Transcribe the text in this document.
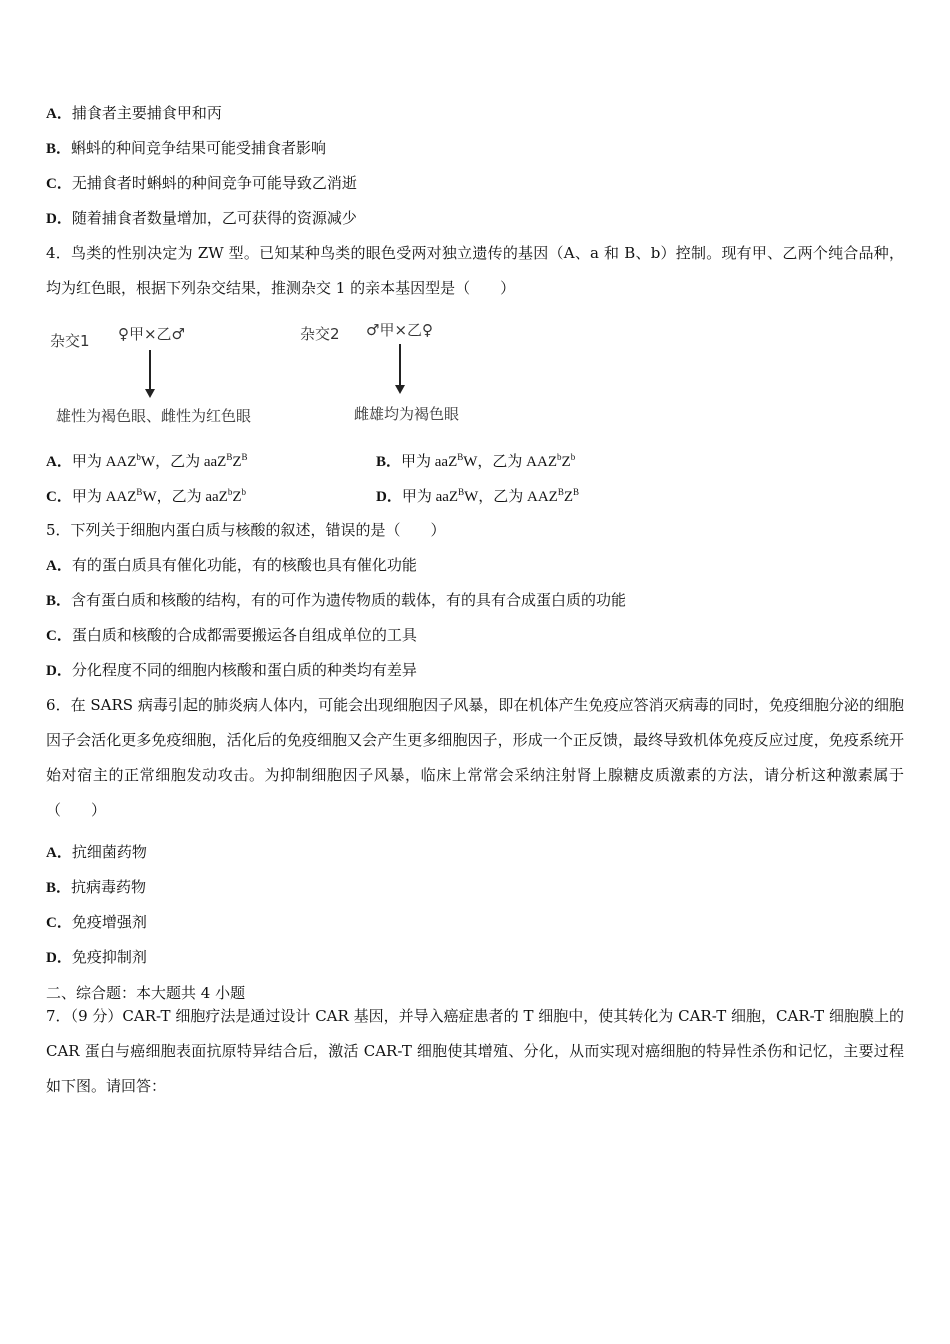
A．捕食者主要捕食甲和丙
B．蝌蚪的种间竞争结果可能受捕食者影响
C．无捕食者时蝌蚪的种间竞争可能导致乙消逝
D．随着捕食者数量增加，乙可获得的资源减少
4．鸟类的性别决定为 ZW 型。已知某种鸟类的眼色受两对独立遗传的基因（A、a 和 B、b）控制。现有甲、乙两个纯合品种，均为红色眼，根据下列杂交结果，推测杂交 1 的亲本基因型是（　　）
杂交1 ♀甲×乙♂
雄性为褐色眼、雌性为红色眼
杂交2 ♂甲×乙♀
雌雄均为褐色眼
A．甲为 AAZ$^b$W，乙为 $aaZ^BZ^B$	B．甲为 aaZ$^B$W，乙为 $AAZ^bZ^b$
C．甲为 $AAZ^BW$，乙为 $aaZ^bZ^b$	D．甲为 aaZ$^B$W，乙为 $AAZ^BZ^B$
5．下列关于细胞内蛋白质与核酸的叙述，错误的是（　　）
A．有的蛋白质具有催化功能，有的核酸也具有催化功能
B．含有蛋白质和核酸的结构，有的可作为遗传物质的载体，有的具有合成蛋白质的功能
C．蛋白质和核酸的合成都需要搬运各自组成单位的工具
D．分化程度不同的细胞内核酸和蛋白质的种类均有差异
6．在 SARS 病毒引起的肺炎病人体内，可能会出现细胞因子风暴，即在机体产生免疫应答消灭病毒的同时，免疫细胞分泌的细胞因子会活化更多免疫细胞，活化后的免疫细胞又会产生更多细胞因子，形成一个正反馈，最终导致机体免疫反应过度，免疫系统开始对宿主的正常细胞发动攻击。为抑制细胞因子风暴，临床上常常会采纳注射肾上腺糖皮质激素的方法，请分析这种激素属于（　　）
A．抗细菌药物
B．抗病毒药物
C．免疫增强剂
D．免疫抑制剂
二、综合题：本大题共 4 小题
7．（9 分）CAR-T 细胞疗法是通过设计 CAR 基因，并导入癌症患者的 T 细胞中，使其转化为 CAR-T 细胞，CAR-T 细胞膜上的 CAR 蛋白与癌细胞表面抗原特异结合后，激活 CAR-T 细胞使其增殖、分化，从而实现对癌细胞的特异性杀伤和记忆，主要过程如下图。请回答：
